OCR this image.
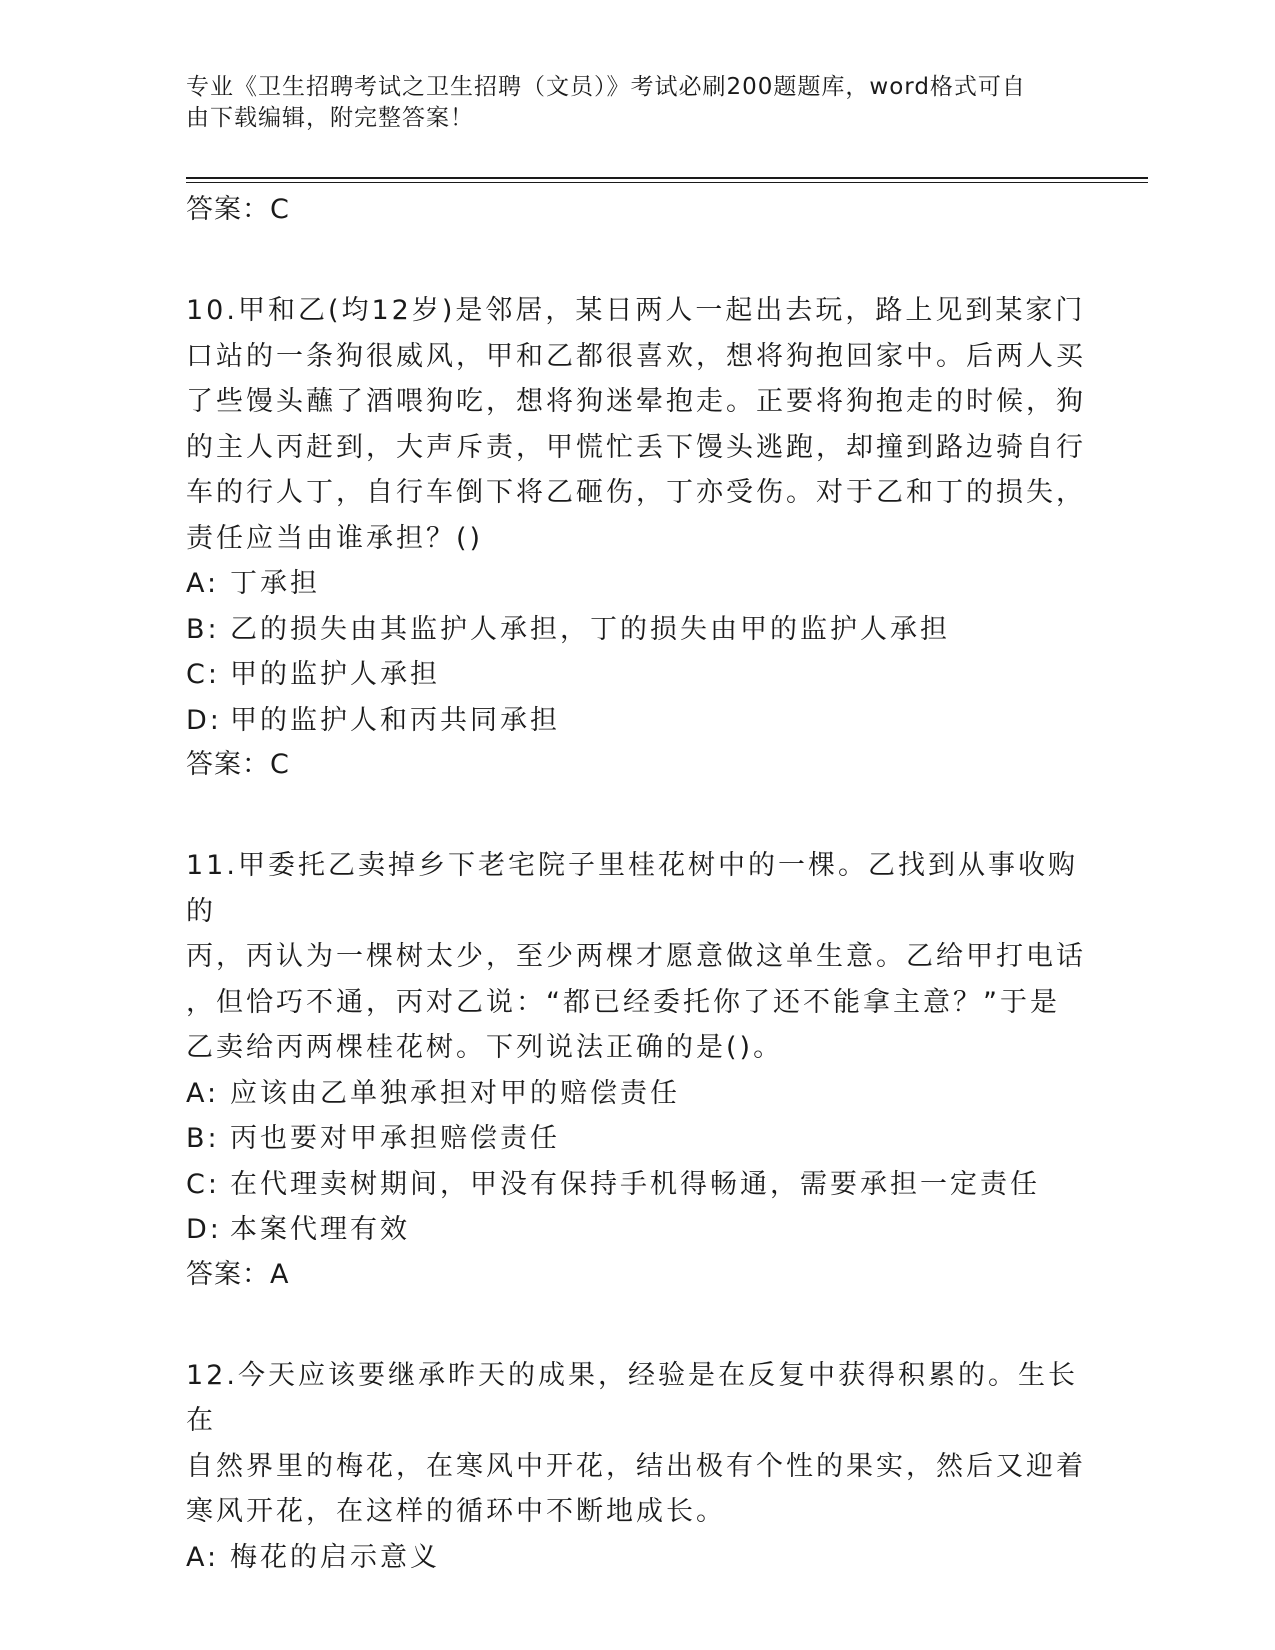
专业《卫生招聘考试之卫生招聘（文员）》考试必刷200题题库，word格式可自
由下载编辑，附完整答案！

答案：C

10.甲和乙(均12岁)是邻居，某日两人一起出去玩，路上见到某家门

口站的一条狗很威风，甲和乙都很喜欢，想将狗抱回家中。后两人买

了些馒头蘸了酒喂狗吃，想将狗迷晕抱走。正要将狗抱走的时候，狗

的主人丙赶到，大声斥责，甲慌忙丢下馒头逃跑，却撞到路边骑自行

车的行人丁，自行车倒下将乙砸伤，丁亦受伤。对于乙和丁的损失，

责任应当由谁承担？()

A: 丁承担

B: 乙的损失由其监护人承担，丁的损失由甲的监护人承担

C: 甲的监护人承担

D: 甲的监护人和丙共同承担

答案：C

11.甲委托乙卖掉乡下老宅院子里桂花树中的一棵。乙找到从事收购的

丙，丙认为一棵树太少，至少两棵才愿意做这单生意。乙给甲打电话

，但恰巧不通，丙对乙说：“都已经委托你了还不能拿主意？”于是

乙卖给丙两棵桂花树。下列说法正确的是()。

A: 应该由乙单独承担对甲的赔偿责任

B: 丙也要对甲承担赔偿责任

C: 在代理卖树期间，甲没有保持手机得畅通，需要承担一定责任

D: 本案代理有效

答案：A

12.今天应该要继承昨天的成果，经验是在反复中获得积累的。生长在

自然界里的梅花，在寒风中开花，结出极有个性的果实，然后又迎着

寒风开花，在这样的循环中不断地成长。

A: 梅花的启示意义
